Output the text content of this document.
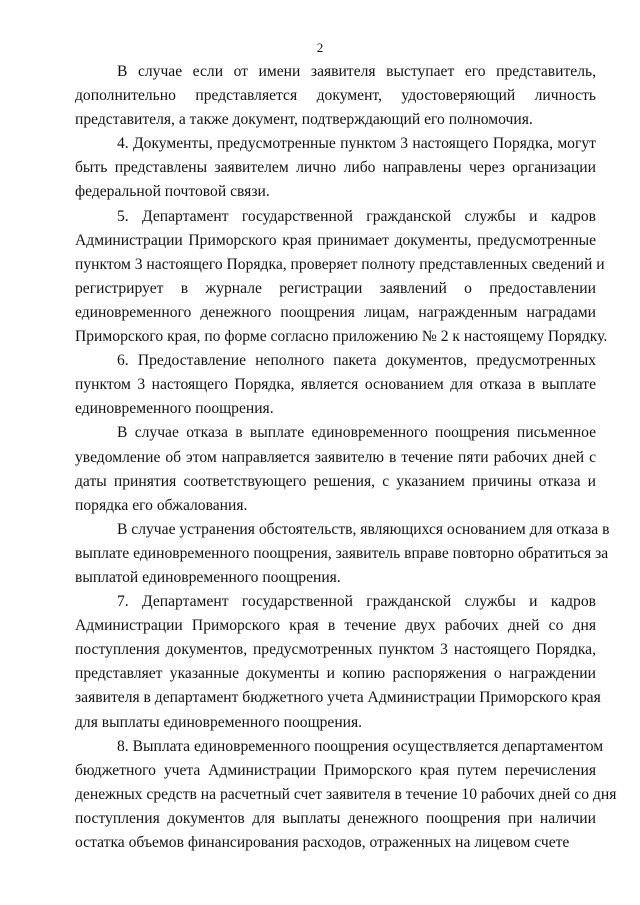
2
В случае если от имени заявителя выступает его представитель,
дополнительно представляется документ, удостоверяющий личность
представителя, а также документ, подтверждающий его полномочия.
4. Документы, предусмотренные пунктом 3 настоящего Порядка, могут
быть представлены заявителем лично либо направлены через организации
федеральной почтовой связи.
5. Департамент государственной гражданской службы и кадров
Администрации Приморского края принимает документы, предусмотренные
пунктом 3 настоящего Порядка, проверяет полноту представленных сведений и
регистрирует в журнале регистрации заявлений о предоставлении
единовременного денежного поощрения лицам, награжденным наградами
Приморского края, по форме согласно приложению № 2 к настоящему Порядку.
6. Предоставление неполного пакета документов, предусмотренных
пунктом 3 настоящего Порядка, является основанием для отказа в выплате
единовременного поощрения.
В случае отказа в выплате единовременного поощрения письменное
уведомление об этом направляется заявителю в течение пяти рабочих дней с
даты принятия соответствующего решения, с указанием причины отказа и
порядка его обжалования.
В случае устранения обстоятельств, являющихся основанием для отказа в
выплате единовременного поощрения, заявитель вправе повторно обратиться за
выплатой единовременного поощрения.
7. Департамент государственной гражданской службы и кадров
Администрации Приморского края в течение двух рабочих дней со дня
поступления документов, предусмотренных пунктом 3 настоящего Порядка,
представляет указанные документы и копию распоряжения о награждении
заявителя в департамент бюджетного учета Администрации Приморского края
для выплаты единовременного поощрения.
8. Выплата единовременного поощрения осуществляется департаментом
бюджетного учета Администрации Приморского края путем перечисления
денежных средств на расчетный счет заявителя в течение 10 рабочих дней со дня
поступления документов для выплаты денежного поощрения при наличии
остатка объемов финансирования расходов, отраженных на лицевом счете
